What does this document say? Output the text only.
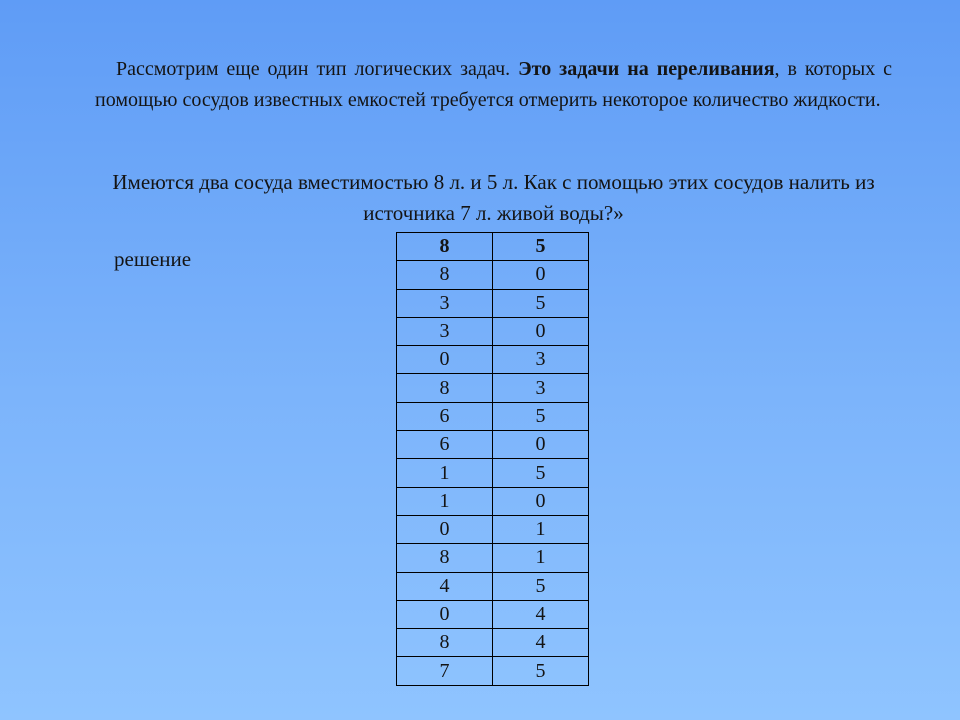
Рассмотрим еще один тип логических задач. Это задачи на переливания, в которых с помощью сосудов известных емкостей требуется отмерить некоторое количество жидкости.

Имеются два сосуда вместимостью 8 л. и 5 л. Как с помощью этих сосудов налить из источника 7 л. живой воды?»

решение

8	5
8	0
3	5
3	0
0	3
8	3
6	5
6	0
1	5
1	0
0	1
8	1
4	5
0	4
8	4
7	5
